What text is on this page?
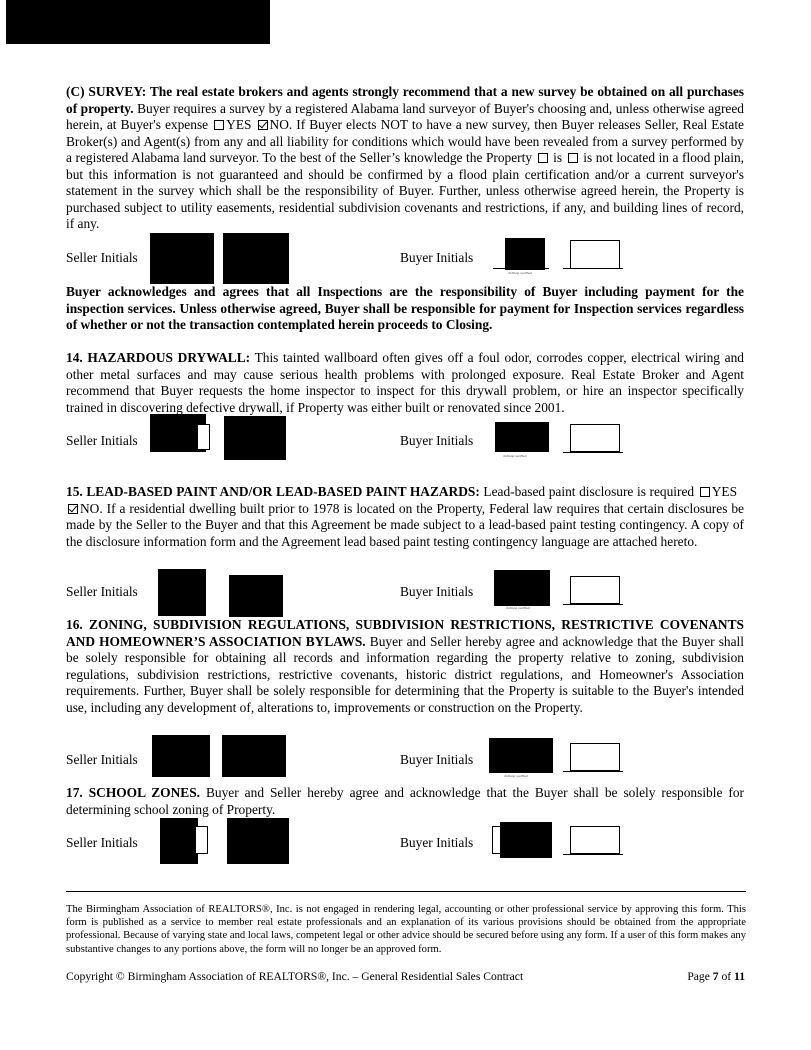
(C) SURVEY: The real estate brokers and agents strongly recommend that a new survey be obtained on all purchases of property. Buyer requires a survey by a registered Alabama land surveyor of Buyer's choosing and, unless otherwise agreed herein, at Buyer's expense YES NO. If Buyer elects NOT to have a new survey, then Buyer releases Seller, Real Estate Broker(s) and Agent(s) from any and all liability for conditions which would have been revealed from a survey performed by a registered Alabama land surveyor. To the best of the Seller’s knowledge the Property  is  is not located in a flood plain, but this information is not guaranteed and should be confirmed by a flood plain certification and/or a current surveyor's statement in the survey which shall be the responsibility of Buyer. Further, unless otherwise agreed herein, the Property is purchased subject to utility easements, residential subdivision covenants and restrictions, if any, and building lines of record, if any.
Seller Initials	Buyer Initials
dotloop verified
Buyer acknowledges and agrees that all Inspections are the responsibility of Buyer including payment for the inspection services. Unless otherwise agreed, Buyer shall be responsible for payment for Inspection services regardless of whether or not the transaction contemplated herein proceeds to Closing.
14. HAZARDOUS DRYWALL: This tainted wallboard often gives off a foul odor, corrodes copper, electrical wiring and other metal surfaces and may cause serious health problems with prolonged exposure. Real Estate Broker and Agent recommend that Buyer requests the home inspector to inspect for this drywall problem, or hire an inspector specifically trained in discovering defective drywall, if Property was either built or renovated since 2001.
Seller Initials	Buyer Initials
dotloop verified
15. LEAD-BASED PAINT AND/OR LEAD-BASED PAINT HAZARDS: Lead-based paint disclosure is required YES  NO. If a residential dwelling built prior to 1978 is located on the Property, Federal law requires that certain disclosures be made by the Seller to the Buyer and that this Agreement be made subject to a lead-based paint testing contingency. A copy of the disclosure information form and the Agreement lead based paint testing contingency language are attached hereto.
Seller Initials	Buyer Initials
dotloop verified
16. ZONING, SUBDIVISION REGULATIONS, SUBDIVISION RESTRICTIONS, RESTRICTIVE COVENANTS AND HOMEOWNER’S ASSOCIATION BYLAWS. Buyer and Seller hereby agree and acknowledge that the Buyer shall be solely responsible for obtaining all records and information regarding the property relative to zoning, subdivision regulations, subdivision restrictions, restrictive covenants, historic district regulations, and Homeowner's Association requirements. Further, Buyer shall be solely responsible for determining that the Property is suitable to the Buyer's intended use, including any development of, alterations to, improvements or construction on the Property.
Seller Initials	Buyer Initials
dotloop verified
17. SCHOOL ZONES. Buyer and Seller hereby agree and acknowledge that the Buyer shall be solely responsible for determining school zoning of Property.
Seller Initials	Buyer Initials
The Birmingham Association of REALTORS®, Inc. is not engaged in rendering legal, accounting or other professional service by approving this form. This form is published as a service to member real estate professionals and an explanation of its various provisions should be obtained from the appropriate professional. Because of varying state and local laws, competent legal or other advice should be secured before using any form. If a user of this form makes any substantive changes to any portions above, the form will no longer be an approved form.
Copyright © Birmingham Association of REALTORS®, Inc. – General Residential Sales Contract	Page 7 of 11
